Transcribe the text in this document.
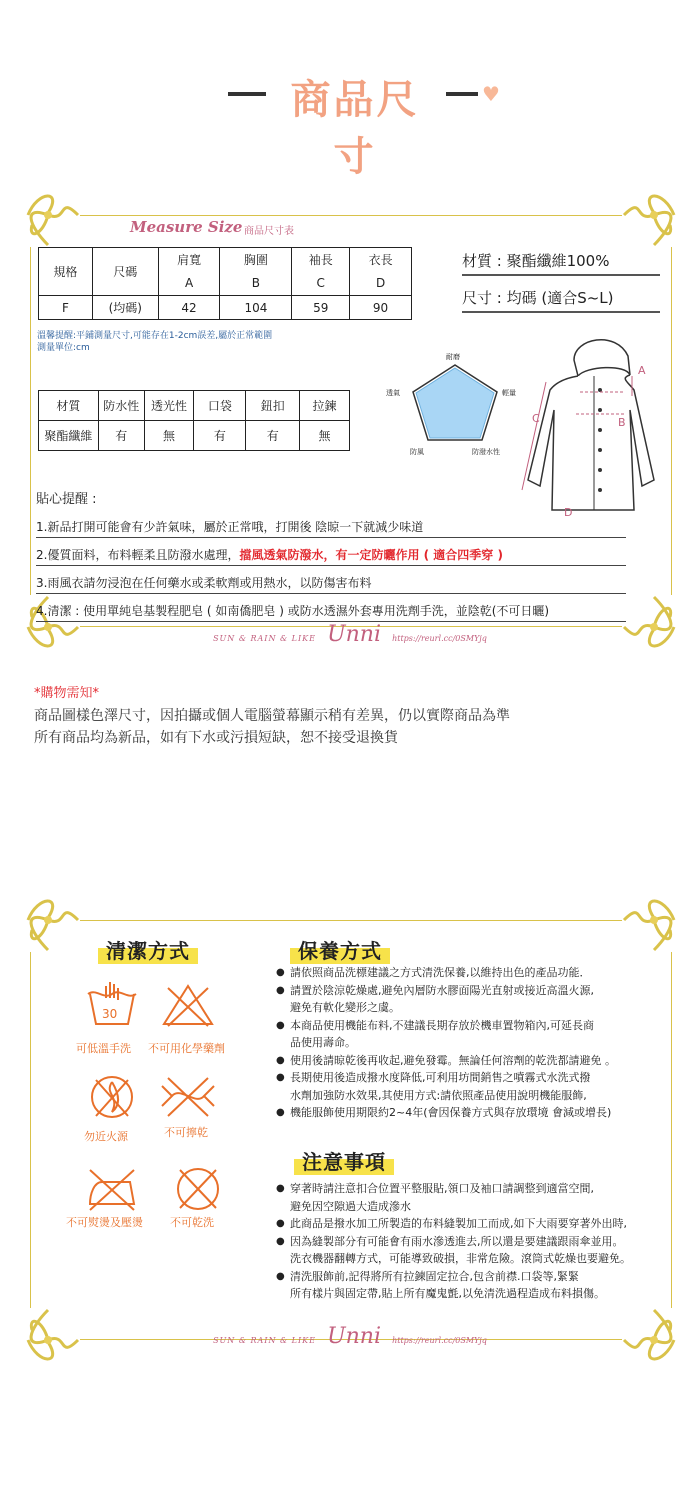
商品尺寸
♥
Measure Size 商品尺寸表
規格	尺碼	肩寬	胸圍	袖長	衣長
		A	B	C	D
F	(均碼)	42	104	59	90
溫馨提醒:平鋪測量尺寸,可能存在1-2cm誤差,屬於正常範圍
測量單位:cm
材質 : 聚酯纖維100%
尺寸 : 均碼 (適合S~L)
材質	防水性	透光性	口袋	鈕扣	拉鍊
聚酯纖維	有	無	有	有	無
耐磨
透氣	輕量
防風	防潑水性
A
B
C
D
貼心提醒 :
1.新品打開可能會有少許氣味，屬於正常哦，打開後 陰晾一下就減少味道
2.優質面料，布料輕柔且防潑水處理，擋風透氣防潑水，有一定防曬作用 ( 適合四季穿 )
3.雨風衣請勿浸泡在任何藥水或柔軟劑或用熱水，以防傷害布料
4.清潔 : 使用單純皂基製程肥皂 ( 如南僑肥皂 ) 或防水透濕外套專用洗劑手洗，並陰乾(不可日曬)
SUN & RAIN & LIKE Unni https://reurl.cc/0SMYjq
*購物需知*
商品圖樣色澤尺寸，因拍攝或個人電腦螢幕顯示稍有差異，仍以實際商品為準
所有商品均為新品，如有下水或污損短缺，恕不接受退換貨
清潔方式	保養方式
注意事項
30
可低溫手洗 不可用化學藥劑
勿近火源	不可擰乾
不可熨燙及壓燙 不可乾洗
● 請依照商品洗標建議之方式清洗保養,以維持出色的產品功能．
● 請置於陰涼乾燥處,避免內層防水膠面陽光直射或接近高溫火源,
避免有軟化變形之虞。
● 本商品使用機能布料,不建議長期存放於機車置物箱內,可延長商
品使用壽命。
● 使用後請晾乾後再收起,避免發霉。無論任何溶劑的乾洗都請避免 。
● 長期使用後造成撥水度降低,可利用坊間銷售之噴霧式水洗式撥
水劑加強防水效果,其使用方式:請依照產品使用說明機能服飾,
● 機能服飾使用期限約2~4年(會因保養方式與存放環境 會減或增長)
● 穿著時請注意扣合位置平整服貼,領口及袖口請調整到適當空間,
避免因空隙過大造成滲水
● 此商品是撥水加工所製造的布料縫製加工而成,如下大雨要穿著外出時,
● 因為縫製部分有可能會有雨水滲透進去,所以還是要建議跟雨傘並用。
洗衣機器翻轉方式，可能導致破損，非常危險。滾筒式乾燥也要避免。
● 清洗服飾前,記得將所有拉鍊固定拉合,包含前襟.口袋等,緊緊
所有樣片與固定帶,貼上所有魔鬼氈,以免清洗過程造成布料損傷。
SUN & RAIN & LIKE Unni https://reurl.cc/0SMYjq
